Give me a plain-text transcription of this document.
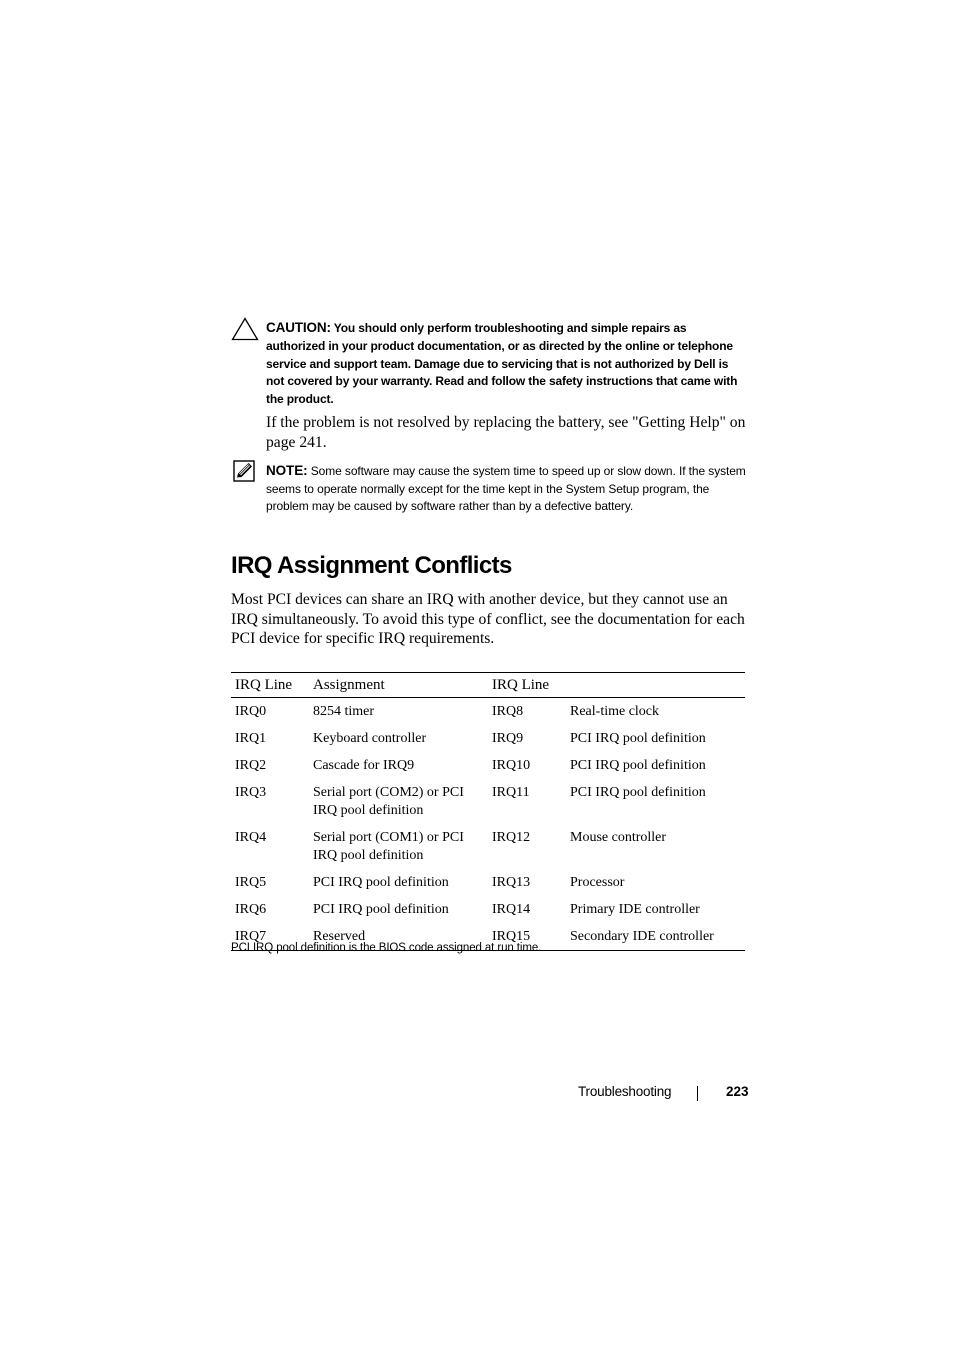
CAUTION: You should only perform troubleshooting and simple repairs as authorized in your product documentation, or as directed by the online or telephone service and support team. Damage due to servicing that is not authorized by Dell is not covered by your warranty. Read and follow the safety instructions that came with the product.

If the problem is not resolved by replacing the battery, see "Getting Help" on page 241.

NOTE: Some software may cause the system time to speed up or slow down. If the system seems to operate normally except for the time kept in the System Setup program, the problem may be caused by software rather than by a defective battery.
IRQ Assignment Conflicts

Most PCI devices can share an IRQ with another device, but they cannot use an IRQ simultaneously. To avoid this type of conflict, see the documentation for each PCI device for specific IRQ requirements.

IRQ Line	Assignment	IRQ Line	
IRQ0	8254 timer	IRQ8	Real-time clock
IRQ1	Keyboard controller	IRQ9	PCI IRQ pool definition
IRQ2	Cascade for IRQ9	IRQ10	PCI IRQ pool definition
IRQ3	Serial port (COM2) or PCI IRQ pool definition	IRQ11	PCI IRQ pool definition
IRQ4	Serial port (COM1) or PCI IRQ pool definition	IRQ12	Mouse controller
IRQ5	PCI IRQ pool definition	IRQ13	Processor
IRQ6	PCI IRQ pool definition	IRQ14	Primary IDE controller
IRQ7	Reserved	IRQ15	Secondary IDE controller
PCI IRQ pool definition is the BIOS code assigned at run time.
Troubleshooting	223
